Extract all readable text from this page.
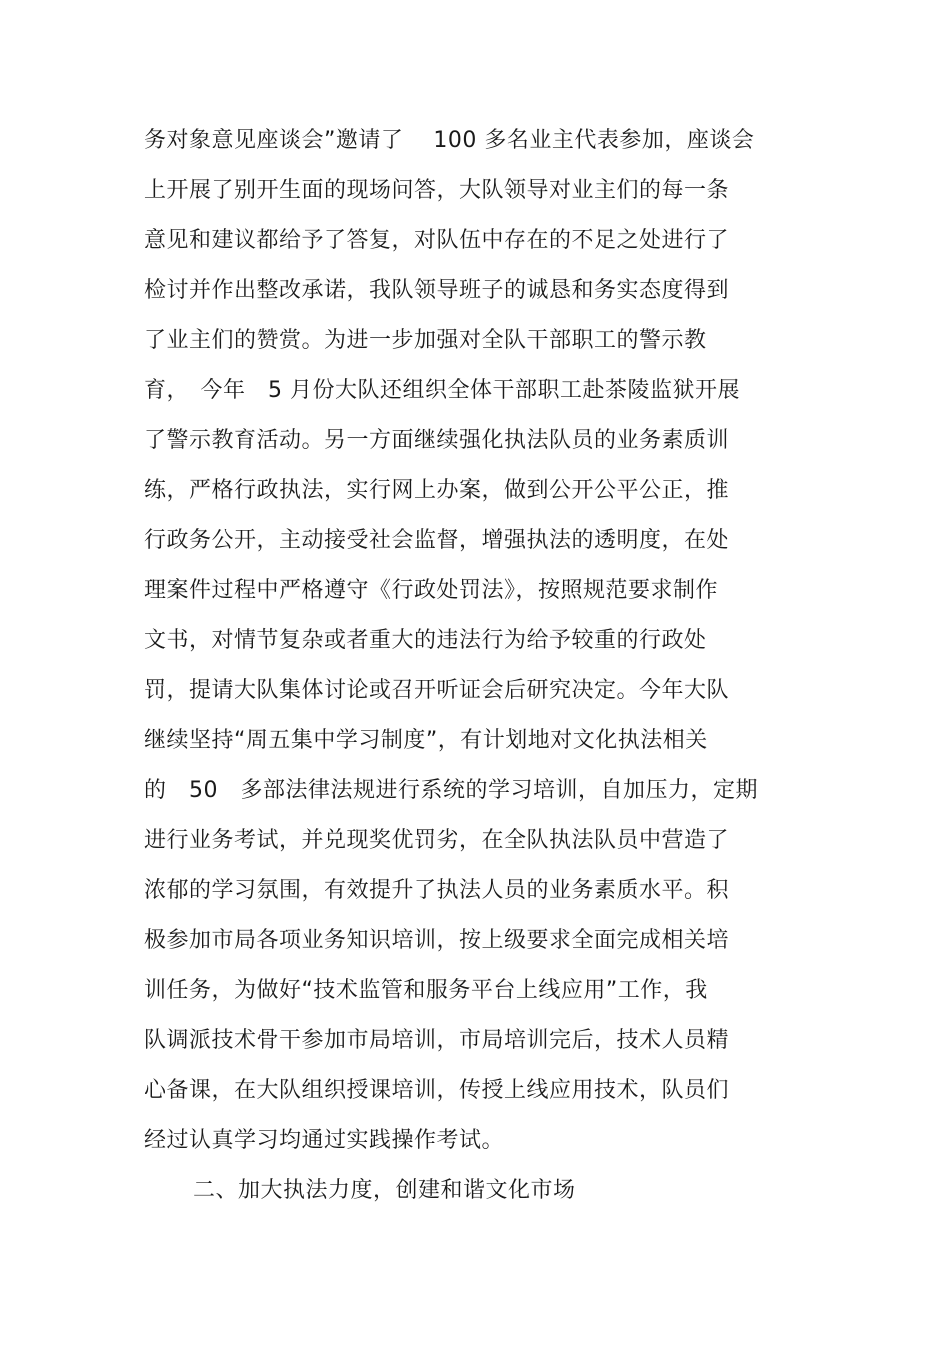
务对象意见座谈会”邀请了　 100 多名业主代表参加，座谈会
上开展了别开生面的现场问答，大队领导对业主们的每一条
意见和建议都给予了答复，对队伍中存在的不足之处进行了
检讨并作出整改承诺，我队领导班子的诚恳和务实态度得到
了业主们的赞赏。为进一步加强对全队干部职工的警示教
育，　今年　5 月份大队还组织全体干部职工赴茶陵监狱开展
了警示教育活动。另一方面继续强化执法队员的业务素质训
练，严格行政执法，实行网上办案，做到公开公平公正，推
行政务公开，主动接受社会监督，增强执法的透明度，在处
理案件过程中严格遵守《行政处罚法》，按照规范要求制作
文书，对情节复杂或者重大的违法行为给予较重的行政处
罚，提请大队集体讨论或召开听证会后研究决定。今年大队
继续坚持“周五集中学习制度”，有计划地对文化执法相关
的　50　多部法律法规进行系统的学习培训，自加压力，定期
进行业务考试，并兑现奖优罚劣，在全队执法队员中营造了
浓郁的学习氛围，有效提升了执法人员的业务素质水平。积
极参加市局各项业务知识培训，按上级要求全面完成相关培
训任务，为做好“技术监管和服务平台上线应用”工作，我
队调派技术骨干参加市局培训，市局培训完后，技术人员精
心备课，在大队组织授课培训，传授上线应用技术，队员们
经过认真学习均通过实践操作考试。
二、加大执法力度，创建和谐文化市场
